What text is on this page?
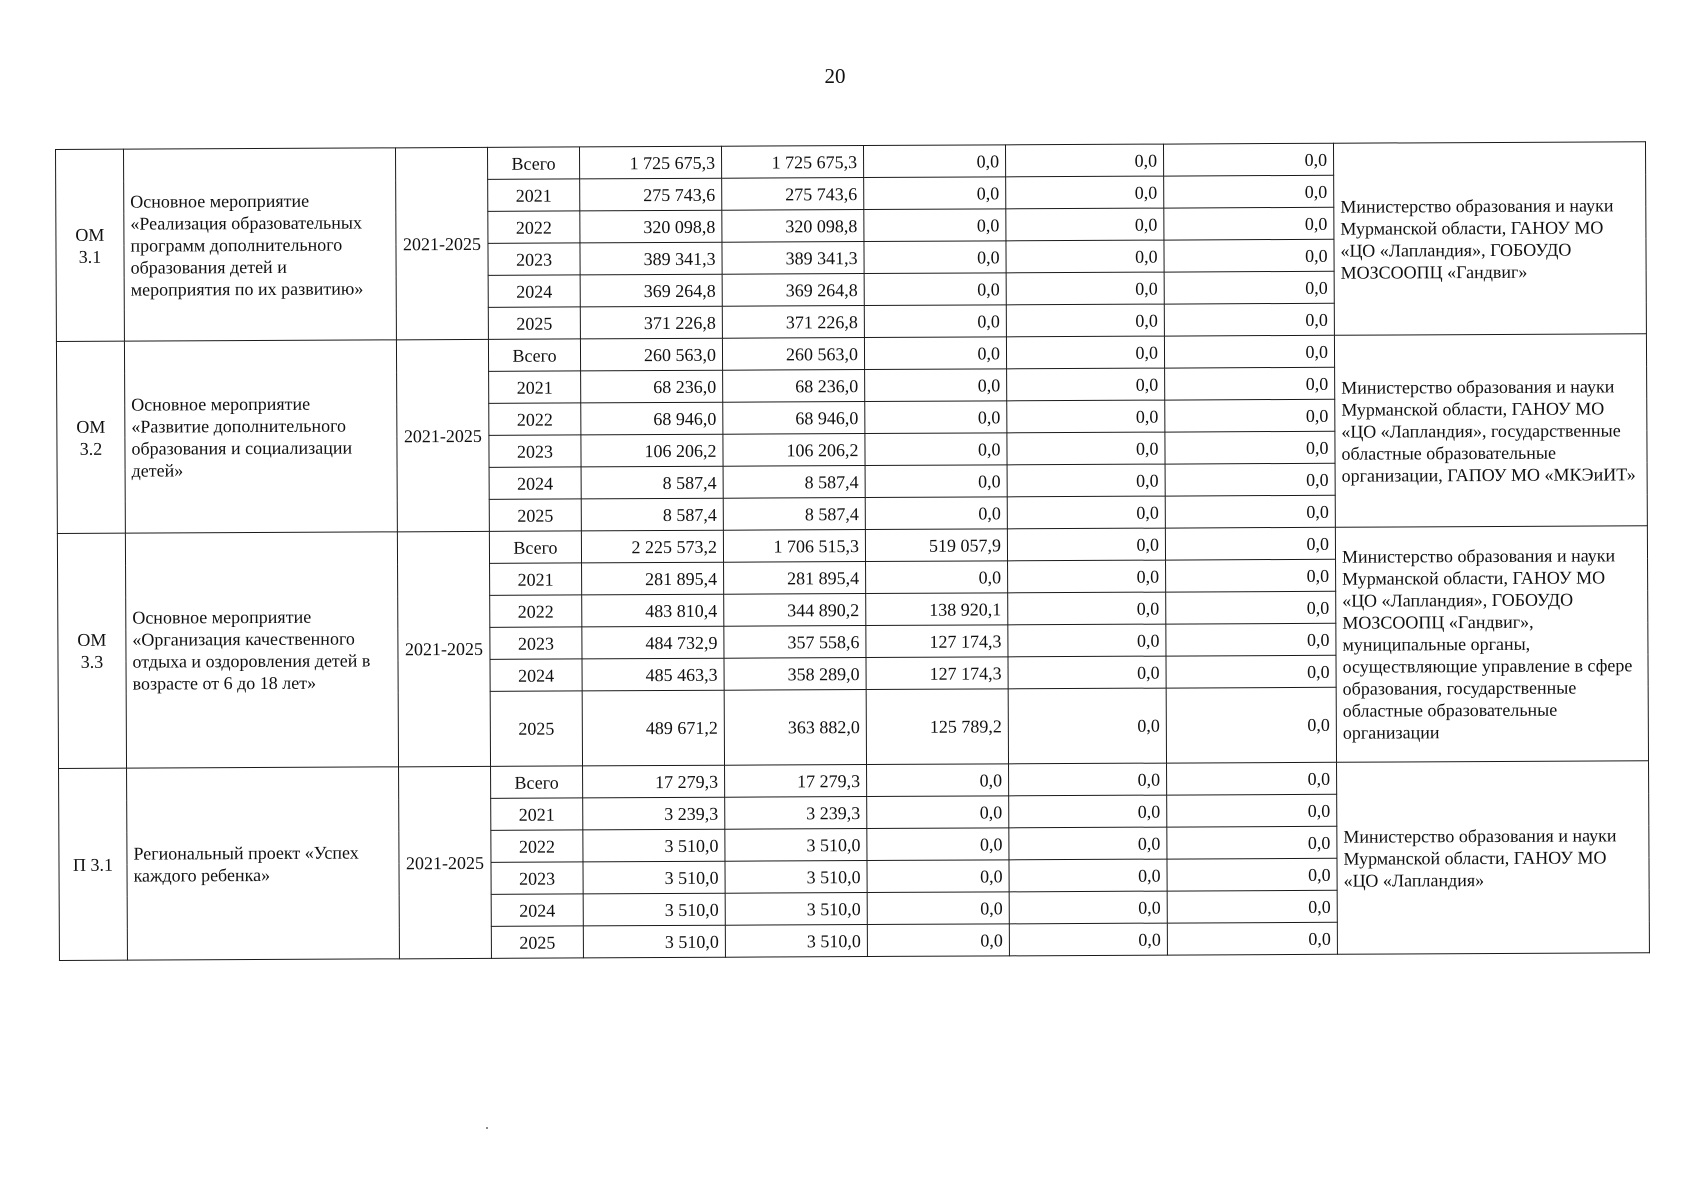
20
ОМ 3.1	Основное мероприятие «Реализация образовательных программ дополнительного образования детей и мероприятия по их развитию»	2021-2025	Всего	1 725 675,3	1 725 675,3	0,0	0,0	0,0	Министерство образования и науки Мурманской области, ГАНОУ МО «ЦО «Лапландия», ГОБОУДО МОЗСООПЦ «Гандвиг»
			2021	275 743,6	275 743,6	0,0	0,0	0,0	
			2022	320 098,8	320 098,8	0,0	0,0	0,0	
			2023	389 341,3	389 341,3	0,0	0,0	0,0	
			2024	369 264,8	369 264,8	0,0	0,0	0,0	
			2025	371 226,8	371 226,8	0,0	0,0	0,0	
ОМ 3.2	Основное мероприятие «Развитие дополнительного образования и социализации детей»	2021-2025	Всего	260 563,0	260 563,0	0,0	0,0	0,0	Министерство образования и науки Мурманской области, ГАНОУ МО «ЦО «Лапландия», государственные областные образовательные организации, ГАПОУ МО «МКЭиИТ»
			2021	68 236,0	68 236,0	0,0	0,0	0,0	
			2022	68 946,0	68 946,0	0,0	0,0	0,0	
			2023	106 206,2	106 206,2	0,0	0,0	0,0	
			2024	8 587,4	8 587,4	0,0	0,0	0,0	
			2025	8 587,4	8 587,4	0,0	0,0	0,0	
ОМ 3.3	Основное мероприятие «Организация качественного отдыха и оздоровления детей в возрасте от 6 до 18 лет»	2021-2025	Всего	2 225 573,2	1 706 515,3	519 057,9	0,0	0,0	Министерство образования и науки Мурманской области, ГАНОУ МО «ЦО «Лапландия», ГОБОУДО МОЗСООПЦ «Гандвиг», муниципальные органы, осуществляющие управление в сфере образования, государственные областные образовательные организации
			2021	281 895,4	281 895,4	0,0	0,0	0,0	
			2022	483 810,4	344 890,2	138 920,1	0,0	0,0	
			2023	484 732,9	357 558,6	127 174,3	0,0	0,0	
			2024	485 463,3	358 289,0	127 174,3	0,0	0,0	
			2025	489 671,2	363 882,0	125 789,2	0,0	0,0	
П 3.1	Региональный проект «Успех каждого ребенка»	2021-2025	Всего	17 279,3	17 279,3	0,0	0,0	0,0	Министерство образования и науки Мурманской области, ГАНОУ МО «ЦО «Лапландия»
			2021	3 239,3	3 239,3	0,0	0,0	0,0	
			2022	3 510,0	3 510,0	0,0	0,0	0,0	
			2023	3 510,0	3 510,0	0,0	0,0	0,0	
			2024	3 510,0	3 510,0	0,0	0,0	0,0	
			2025	3 510,0	3 510,0	0,0	0,0	0,0	
